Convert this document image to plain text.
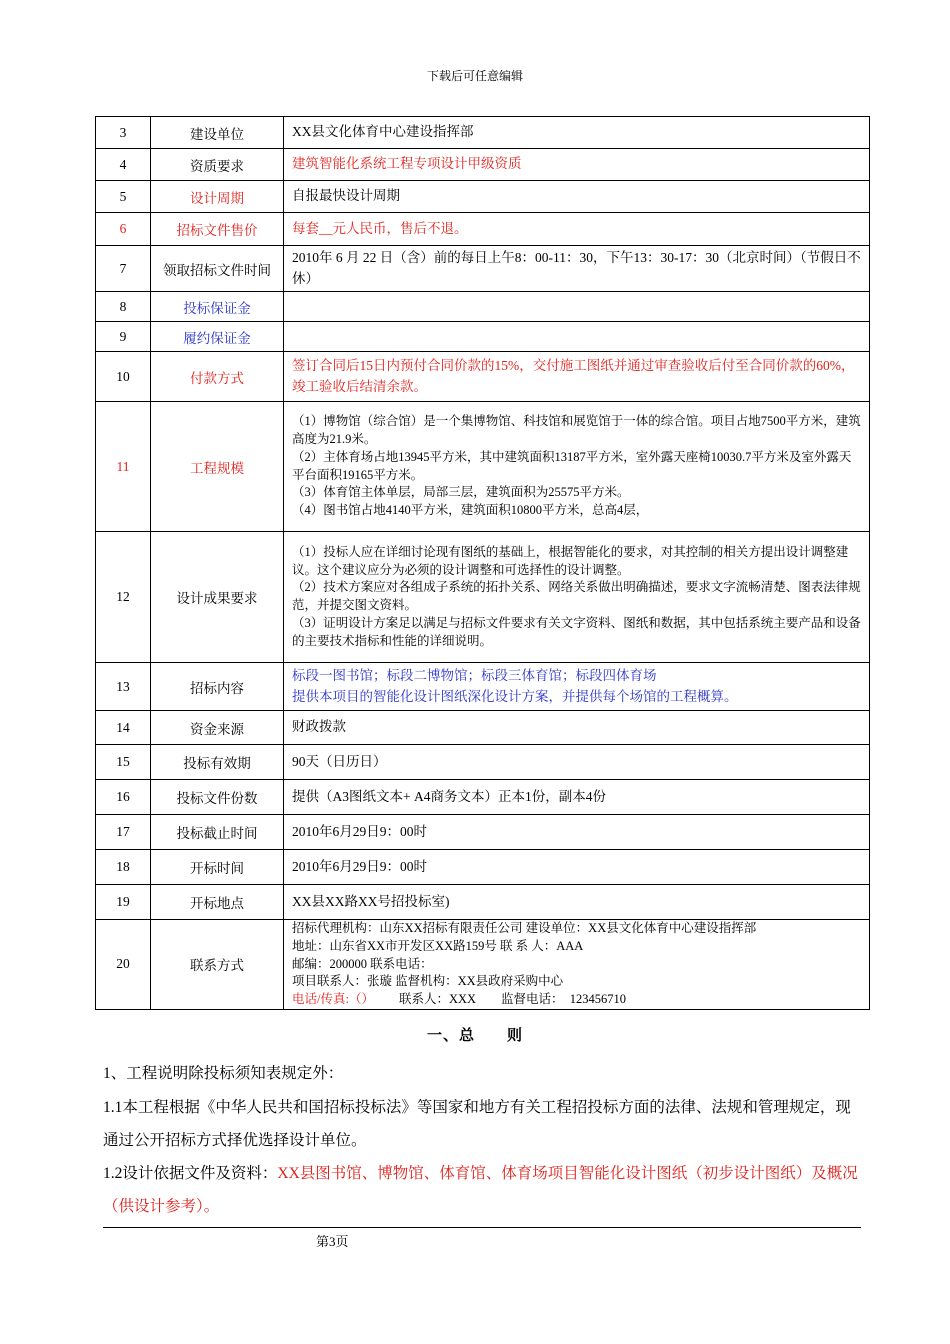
下载后可任意编辑
3	建设单位	XX县文化体育中心建设指挥部
4	资质要求	建筑智能化系统工程专项设计甲级资质
5	设计周期	自报最快设计周期
6	招标文件售价	每套__元人民币，售后不退。
7	领取招标文件时间	2010年 6 月 22 日（含）前的每日上午8：00-11：30，下午13：30-17：30（北京时间）（节假日不休）
8	投标保证金	
9	履约保证金	
10	付款方式	签订合同后15日内预付合同价款的15%，交付施工图纸并通过审查验收后付至合同价款的60%，竣工验收后结清余款。
11	工程规模	（1）博物馆（综合馆）是一个集博物馆、科技馆和展览馆于一体的综合馆。项目占地7500平方米，建筑高度为21.9米。
（2）主体育场占地13945平方米，其中建筑面积13187平方米，室外露天座椅10030.7平方米及室外露天平台面积19165平方米。
（3）体育馆主体单层，局部三层，建筑面积为25575平方米。
（4）图书馆占地4140平方米，建筑面积10800平方米，总高4层，

12	设计成果要求	（1）投标人应在详细讨论现有图纸的基础上，根据智能化的要求，对其控制的相关方提出设计调整建议。这个建议应分为必须的设计调整和可选择性的设计调整。
（2）技术方案应对各组成子系统的拓扑关系、网络关系做出明确描述，要求文字流畅清楚、图表法律规范，并提交图文资料。
（3）证明设计方案足以满足与招标文件要求有关文字资料、图纸和数据，其中包括系统主要产品和设备的主要技术指标和性能的详细说明。

13	招标内容	标段一图书馆；标段二博物馆；标段三体育馆；标段四体育场
提供本项目的智能化设计图纸深化设计方案，并提供每个场馆的工程概算。

14	资金来源	财政拨款
15	投标有效期	90天（日历日）
16	投标文件份数	提供（A3图纸文本+ A4商务文本）正本1份，副本4份
17	投标截止时间	2010年6月29日9：00时
18	开标时间	2010年6月29日9：00时
19	开标地点	XX县XX路XX号招投标室)
20	联系方式	招标代理机构：山东XX招标有限责任公司 建设单位：XX县文化体育中心建设指挥部
地址：山东省XX市开发区XX路159号 联 系 人：AAA
邮编：200000 联系电话：
项目联系人：张璇 监督机构：XX县政府采购中心
电话/传真:（）        联系人：XXX        监督电话：  123456710
一、总　　则
1、工程说明除投标须知表规定外：
1.1本工程根据《中华人民共和国招标投标法》等国家和地方有关工程招投标方面的法律、法规和管理规定，现通过公开招标方式择优选择设计单位。
1.2设计依据文件及资料：XX县图书馆、博物馆、体育馆、体育场项目智能化设计图纸（初步设计图纸）及概况（供设计参考）。
第3页
